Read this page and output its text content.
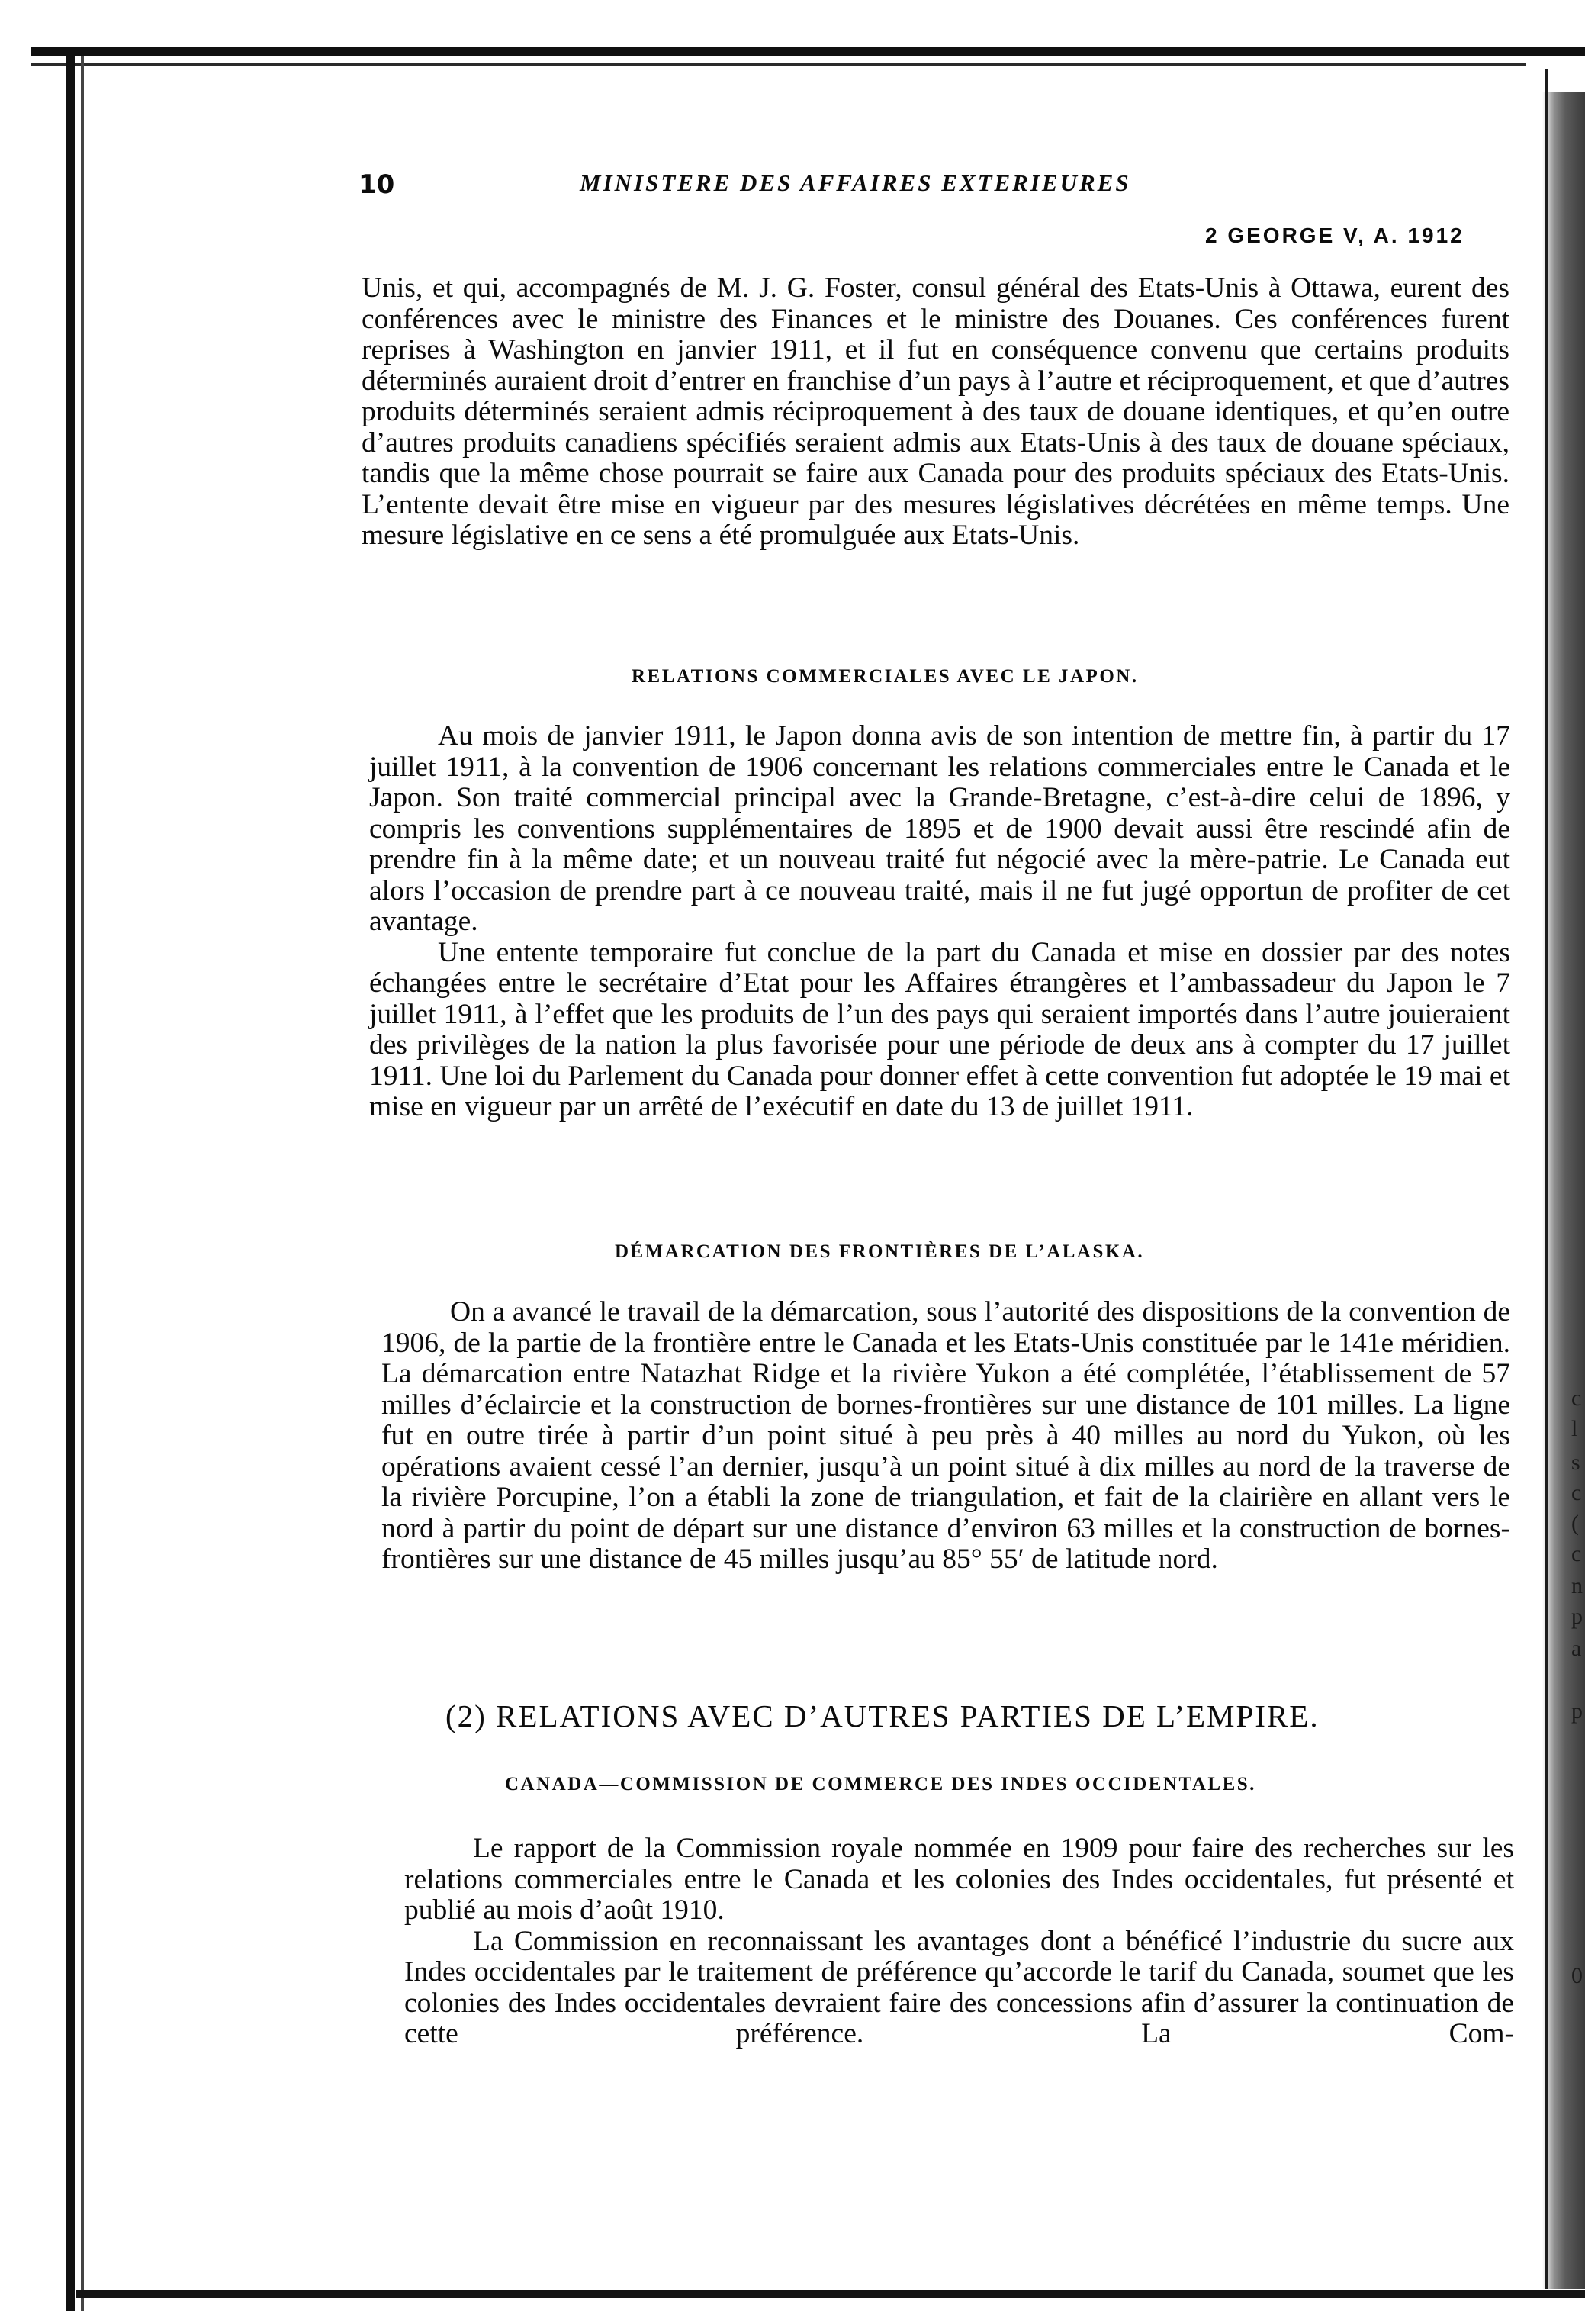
c
l
s
c
(
c
n
p
a
p
0
10	MINISTERE DES AFFAIRES EXTERIEURES
2 GEORGE V, A. 1912

Unis, et qui, accompagnés de M. J. G. Foster, consul général des Etats-Unis à Ottawa, eurent des conférences avec le ministre des Finances et le ministre des Douanes. Ces conférences furent reprises à Washington en janvier 1911, et il fut en conséquence convenu que certains produits déterminés auraient droit d’entrer en franchise d’un pays à l’autre et réciproquement, et que d’autres produits déterminés seraient admis réciproquement à des taux de douane identiques, et qu’en outre d’autres produits canadiens spécifiés seraient admis aux Etats-Unis à des taux de douane spéciaux, tandis que la même chose pourrait se faire aux Canada pour des produits spéciaux des Etats-Unis. L’entente devait être mise en vigueur par des mesures législatives décrétées en même temps. Une mesure législative en ce sens a été promulguée aux Etats-Unis.

RELATIONS COMMERCIALES AVEC LE JAPON.

Au mois de janvier 1911, le Japon donna avis de son intention de mettre fin, à partir du 17 juillet 1911, à la convention de 1906 concernant les relations commerciales entre le Canada et le Japon. Son traité commercial principal avec la Grande-Bretagne, c’est-à-dire celui de 1896, y compris les conventions supplémentaires de 1895 et de 1900 devait aussi être rescindé afin de prendre fin à la même date; et un nouveau traité fut négocié avec la mère-patrie. Le Canada eut alors l’occasion de prendre part à ce nouveau traité, mais il ne fut jugé opportun de profiter de cet avantage.

Une entente temporaire fut conclue de la part du Canada et mise en dossier par des notes échangées entre le secrétaire d’Etat pour les Affaires étrangères et l’ambassadeur du Japon le 7 juillet 1911, à l’effet que les produits de l’un des pays qui seraient importés dans l’autre jouieraient des privilèges de la nation la plus favorisée pour une période de deux ans à compter du 17 juillet 1911. Une loi du Parlement du Canada pour donner effet à cette convention fut adoptée le 19 mai et mise en vigueur par un arrêté de l’exécutif en date du 13 de juillet 1911.

DÉMARCATION DES FRONTIÈRES DE L’ALASKA.

On a avancé le travail de la démarcation, sous l’autorité des dispositions de la convention de 1906, de la partie de la frontière entre le Canada et les Etats-Unis constituée par le 141e méridien. La démarcation entre Natazhat Ridge et la rivière Yukon a été complétée, l’établissement de 57 milles d’éclaircie et la construction de bornes-frontières sur une distance de 101 milles. La ligne fut en outre tirée à partir d’un point situé à peu près à 40 milles au nord du Yukon, où les opérations avaient cessé l’an dernier, jusqu’à un point situé à dix milles au nord de la traverse de la rivière Porcupine, l’on a établi la zone de triangulation, et fait de la clairière en allant vers le nord à partir du point de départ sur une distance d’environ 63 milles et la construction de bornes-frontières sur une distance de 45 milles jusqu’au 85° 55′ de latitude nord.

(2) RELATIONS AVEC D’AUTRES PARTIES DE L’EMPIRE.
CANADA—COMMISSION DE COMMERCE DES INDES OCCIDENTALES.

Le rapport de la Commission royale nommée en 1909 pour faire des recherches sur les relations commerciales entre le Canada et les colonies des Indes occidentales, fut présenté et publié au mois d’août 1910.

La Commission en reconnaissant les avantages dont a bénéficé l’industrie du sucre aux Indes occidentales par le traitement de préférence qu’accorde le tarif du Canada, soumet que les colonies des Indes occidentales devraient faire des concessions afin d’assurer la continuation de cette préférence. La Com-
